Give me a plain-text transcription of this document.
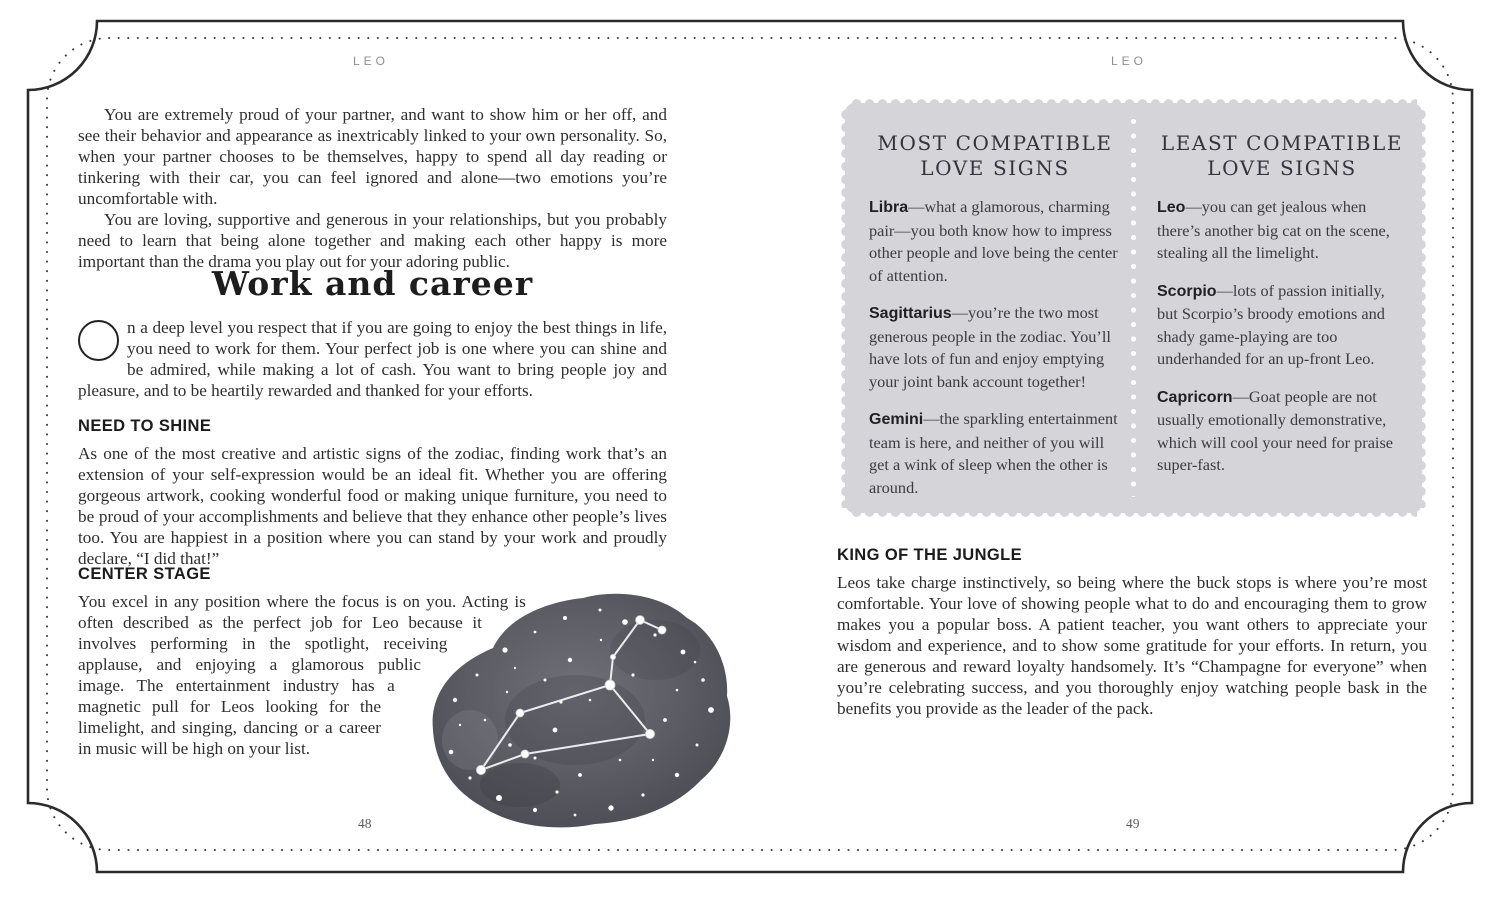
LEO	LEO

You are extremely proud of your partner, and want to show him or her off, and see their behavior and appearance as inextricably linked to your own personality. So, when your partner chooses to be themselves, happy to spend all day reading or tinkering with their car, you can feel ignored and alone—two emotions you’re uncomfortable with.

You are loving, supportive and generous in your relationships, but you probably need to learn that being alone together and making each other happy is more important than the drama you play out for your adoring public.

Work and career

n a deep level you respect that if you are going to enjoy the best things in life, you need to work for them. Your perfect job is one where you can shine and be admired, while making a lot of cash. You want to bring people joy and pleasure, and to be heartily rewarded and thanked for your efforts.

NEED TO SHINE

As one of the most creative and artistic signs of the zodiac, finding work that’s an extension of your self-expression would be an ideal fit. Whether you are offering gorgeous artwork, cooking wonderful food or making unique furniture, you need to be proud of your accomplishments and believe that they enhance other people’s lives too. You are happiest in a position where you can stand by your work and proudly declare, “I did that!”

CENTER STAGE

You excel in any position where the focus is on you. Acting is often described as the perfect job for Leo because it involves performing in the spotlight, receiving applause, and enjoying a glamorous public image. The entertainment industry has a magnetic pull for Leos looking for the limelight, and singing, dancing or a career in music will be high on your list.

MOST COMPATIBLE
LOVE SIGNS

Libra—what a glamorous, charming pair—you both know how to impress other people and love being the center of attention.

Sagittarius—you’re the two most generous people in the zodiac. You’ll have lots of fun and enjoy emptying your joint bank account together!

Gemini—the sparkling entertainment team is here, and neither of you will get a wink of sleep when the other is around.

LEAST COMPATIBLE
LOVE SIGNS

Leo—you can get jealous when there’s another big cat on the scene, stealing all the limelight.

Scorpio—lots of passion initially, but Scorpio’s broody emotions and shady game-playing are too underhanded for an up-front Leo.

Capricorn—Goat people are not usually emotionally demonstrative, which will cool your need for praise super-fast.

KING OF THE JUNGLE

Leos take charge instinctively, so being where the buck stops is where you’re most comfortable. Your love of showing people what to do and encouraging them to grow makes you a popular boss. A patient teacher, you want others to appreciate your wisdom and experience, and to show some gratitude for your efforts. In return, you are generous and reward loyalty handsomely. It’s “Champagne for everyone” when you’re celebrating success, and you thoroughly enjoy watching people bask in the benefits you provide as the leader of the pack.

48	49
